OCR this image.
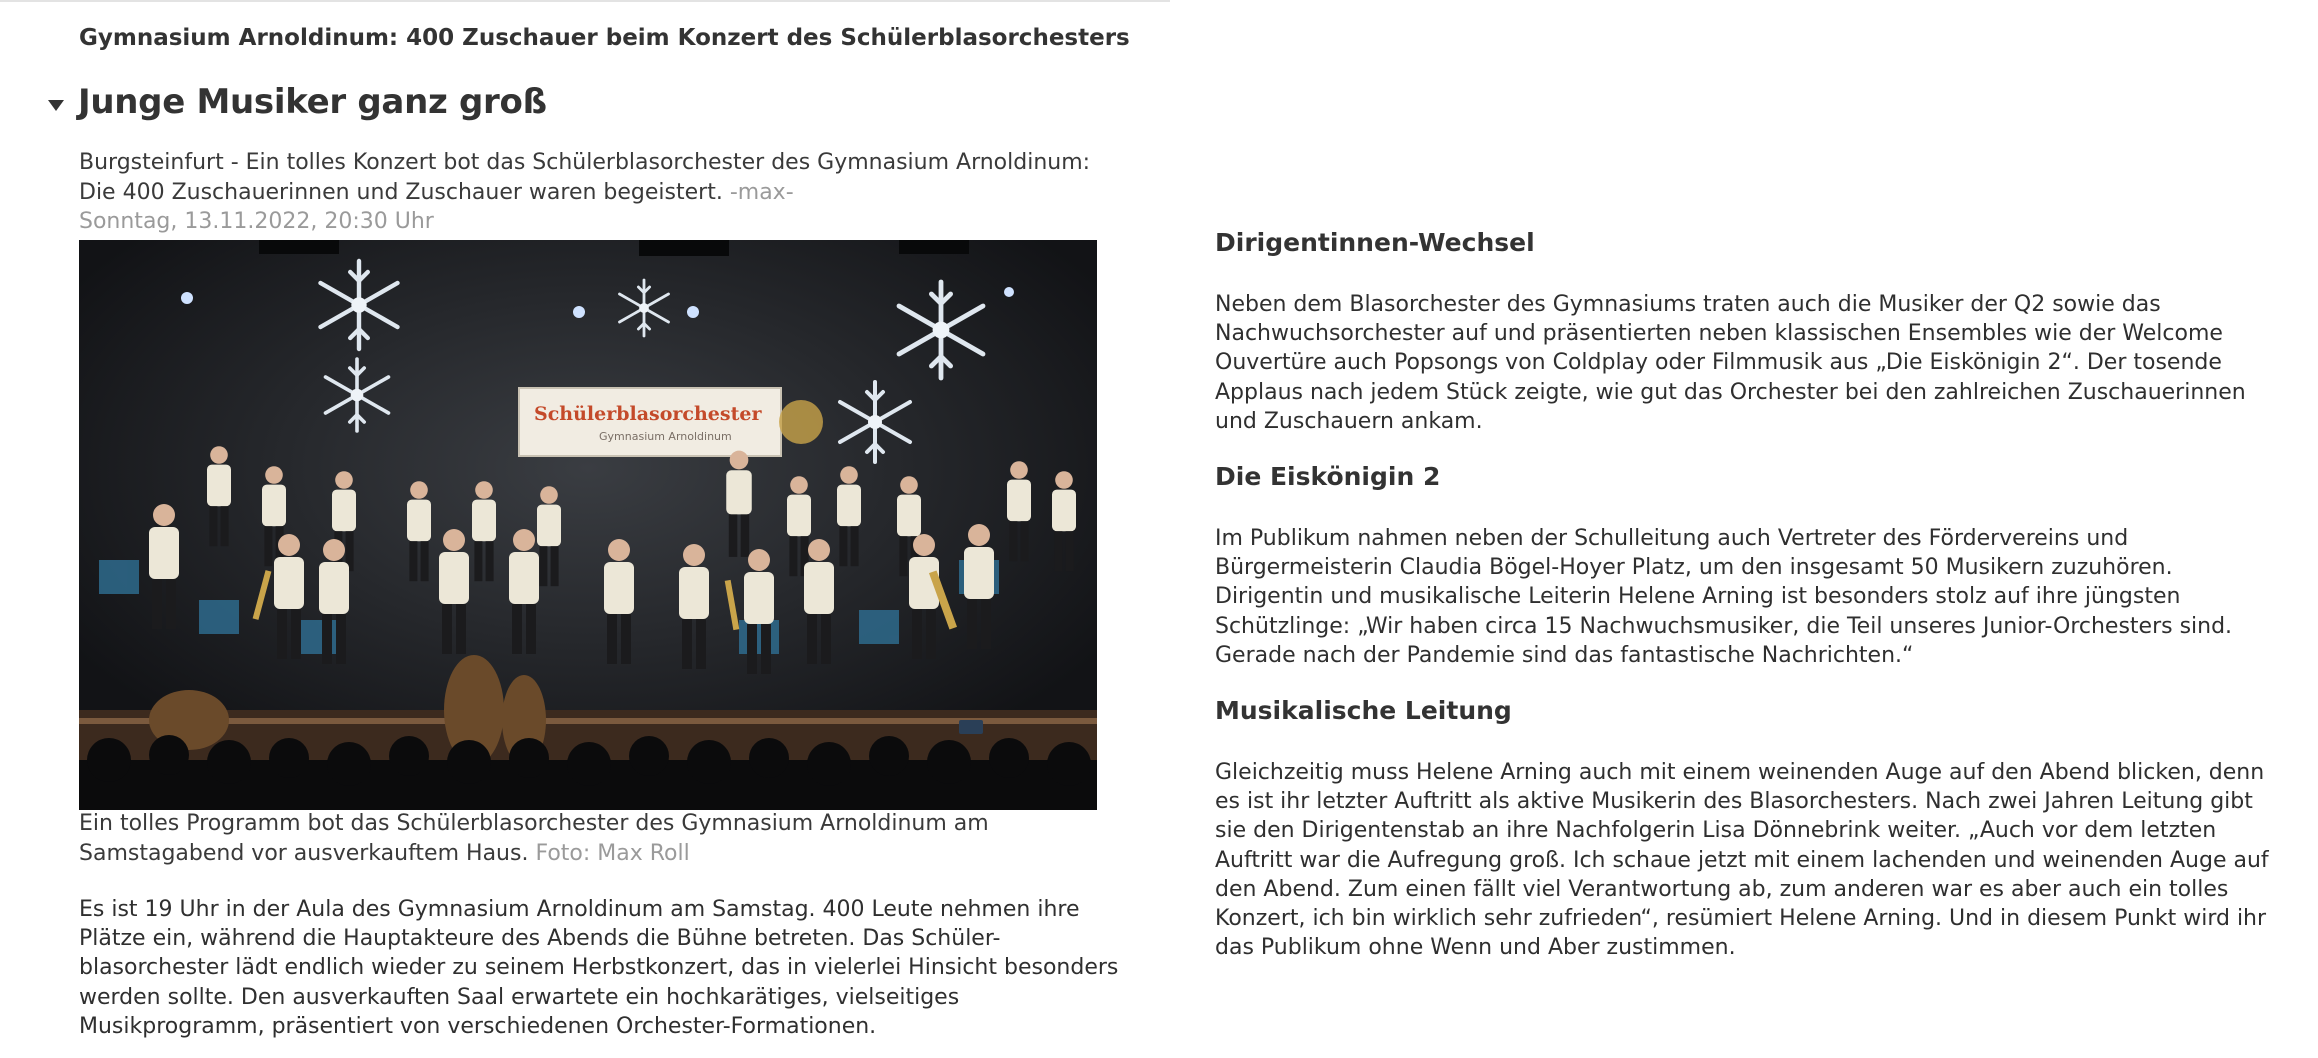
Gymnasium Arnoldinum: 400 Zuschauer beim Konzert des Schülerblasorchesters
Junge Musiker ganz groß
Burgsteinfurt - Ein tolles Konzert bot das Schülerblasorchester des Gymnasium Arnoldinum: Die 400 Zuschauerinnen und Zuschauer waren begeistert. -max-
Sonntag, 13.11.2022, 20:30 Uhr
Schülerblasorchester
Gymnasium Arnoldinum
Ein tolles Programm bot das Schülerblasorchester des Gymnasium Arnoldinum am Samstagabend vor ausverkauftem Haus. Foto: Max Roll

Es ist 19 Uhr in der Aula des Gymnasium Arnoldinum am Samstag. 400 Leute nehmen ihre Plätze ein, während die Hauptakteure des Abends die Bühne betreten. Das Schüler-blasorchester lädt endlich wieder zu seinem Herbstkonzert, das in vielerlei Hinsicht besonders werden sollte. Den ausverkauften Saal erwartete ein hochkarätiges, vielseitiges Musikprogramm, präsentiert von verschiedenen Orchester-Formationen.

Dirigentinnen-Wechsel

Neben dem Blasorchester des Gymnasiums traten auch die Musiker der Q2 sowie das Nachwuchsorchester auf und präsentierten neben klassischen Ensembles wie der Welcome Ouvertüre auch Popsongs von Coldplay oder Filmmusik aus „Die Eiskönigin 2“. Der tosende Applaus nach jedem Stück zeigte, wie gut das Orchester bei den zahlreichen Zuschauerinnen und Zuschauern ankam.

Die Eiskönigin 2

Im Publikum nahmen neben der Schulleitung auch Vertreter des Fördervereins und Bürgermeisterin Claudia Bögel-Hoyer Platz, um den insgesamt 50 Musikern zuzuhören. Dirigentin und musikalische Leiterin Helene Arning ist besonders stolz auf ihre jüngsten Schützlinge: „Wir haben circa 15 Nachwuchsmusiker, die Teil unseres Junior-Orchesters sind. Gerade nach der Pandemie sind das fantastische Nachrichten.“

Musikalische Leitung

Gleichzeitig muss Helene Arning auch mit einem weinenden Auge auf den Abend blicken, denn es ist ihr letzter Auftritt als aktive Musikerin des Blasorchesters. Nach zwei Jahren Leitung gibt sie den Dirigentenstab an ihre Nachfolgerin Lisa Dönnebrink weiter. „Auch vor dem letzten Auftritt war die Aufregung groß. Ich schaue jetzt mit einem lachenden und weinenden Auge auf den Abend. Zum einen fällt viel Verantwortung ab, zum anderen war es aber auch ein tolles Konzert, ich bin wirklich sehr zufrieden“, resümiert Helene Arning. Und in diesem Punkt wird ihr das Publikum ohne Wenn und Aber zustimmen.
